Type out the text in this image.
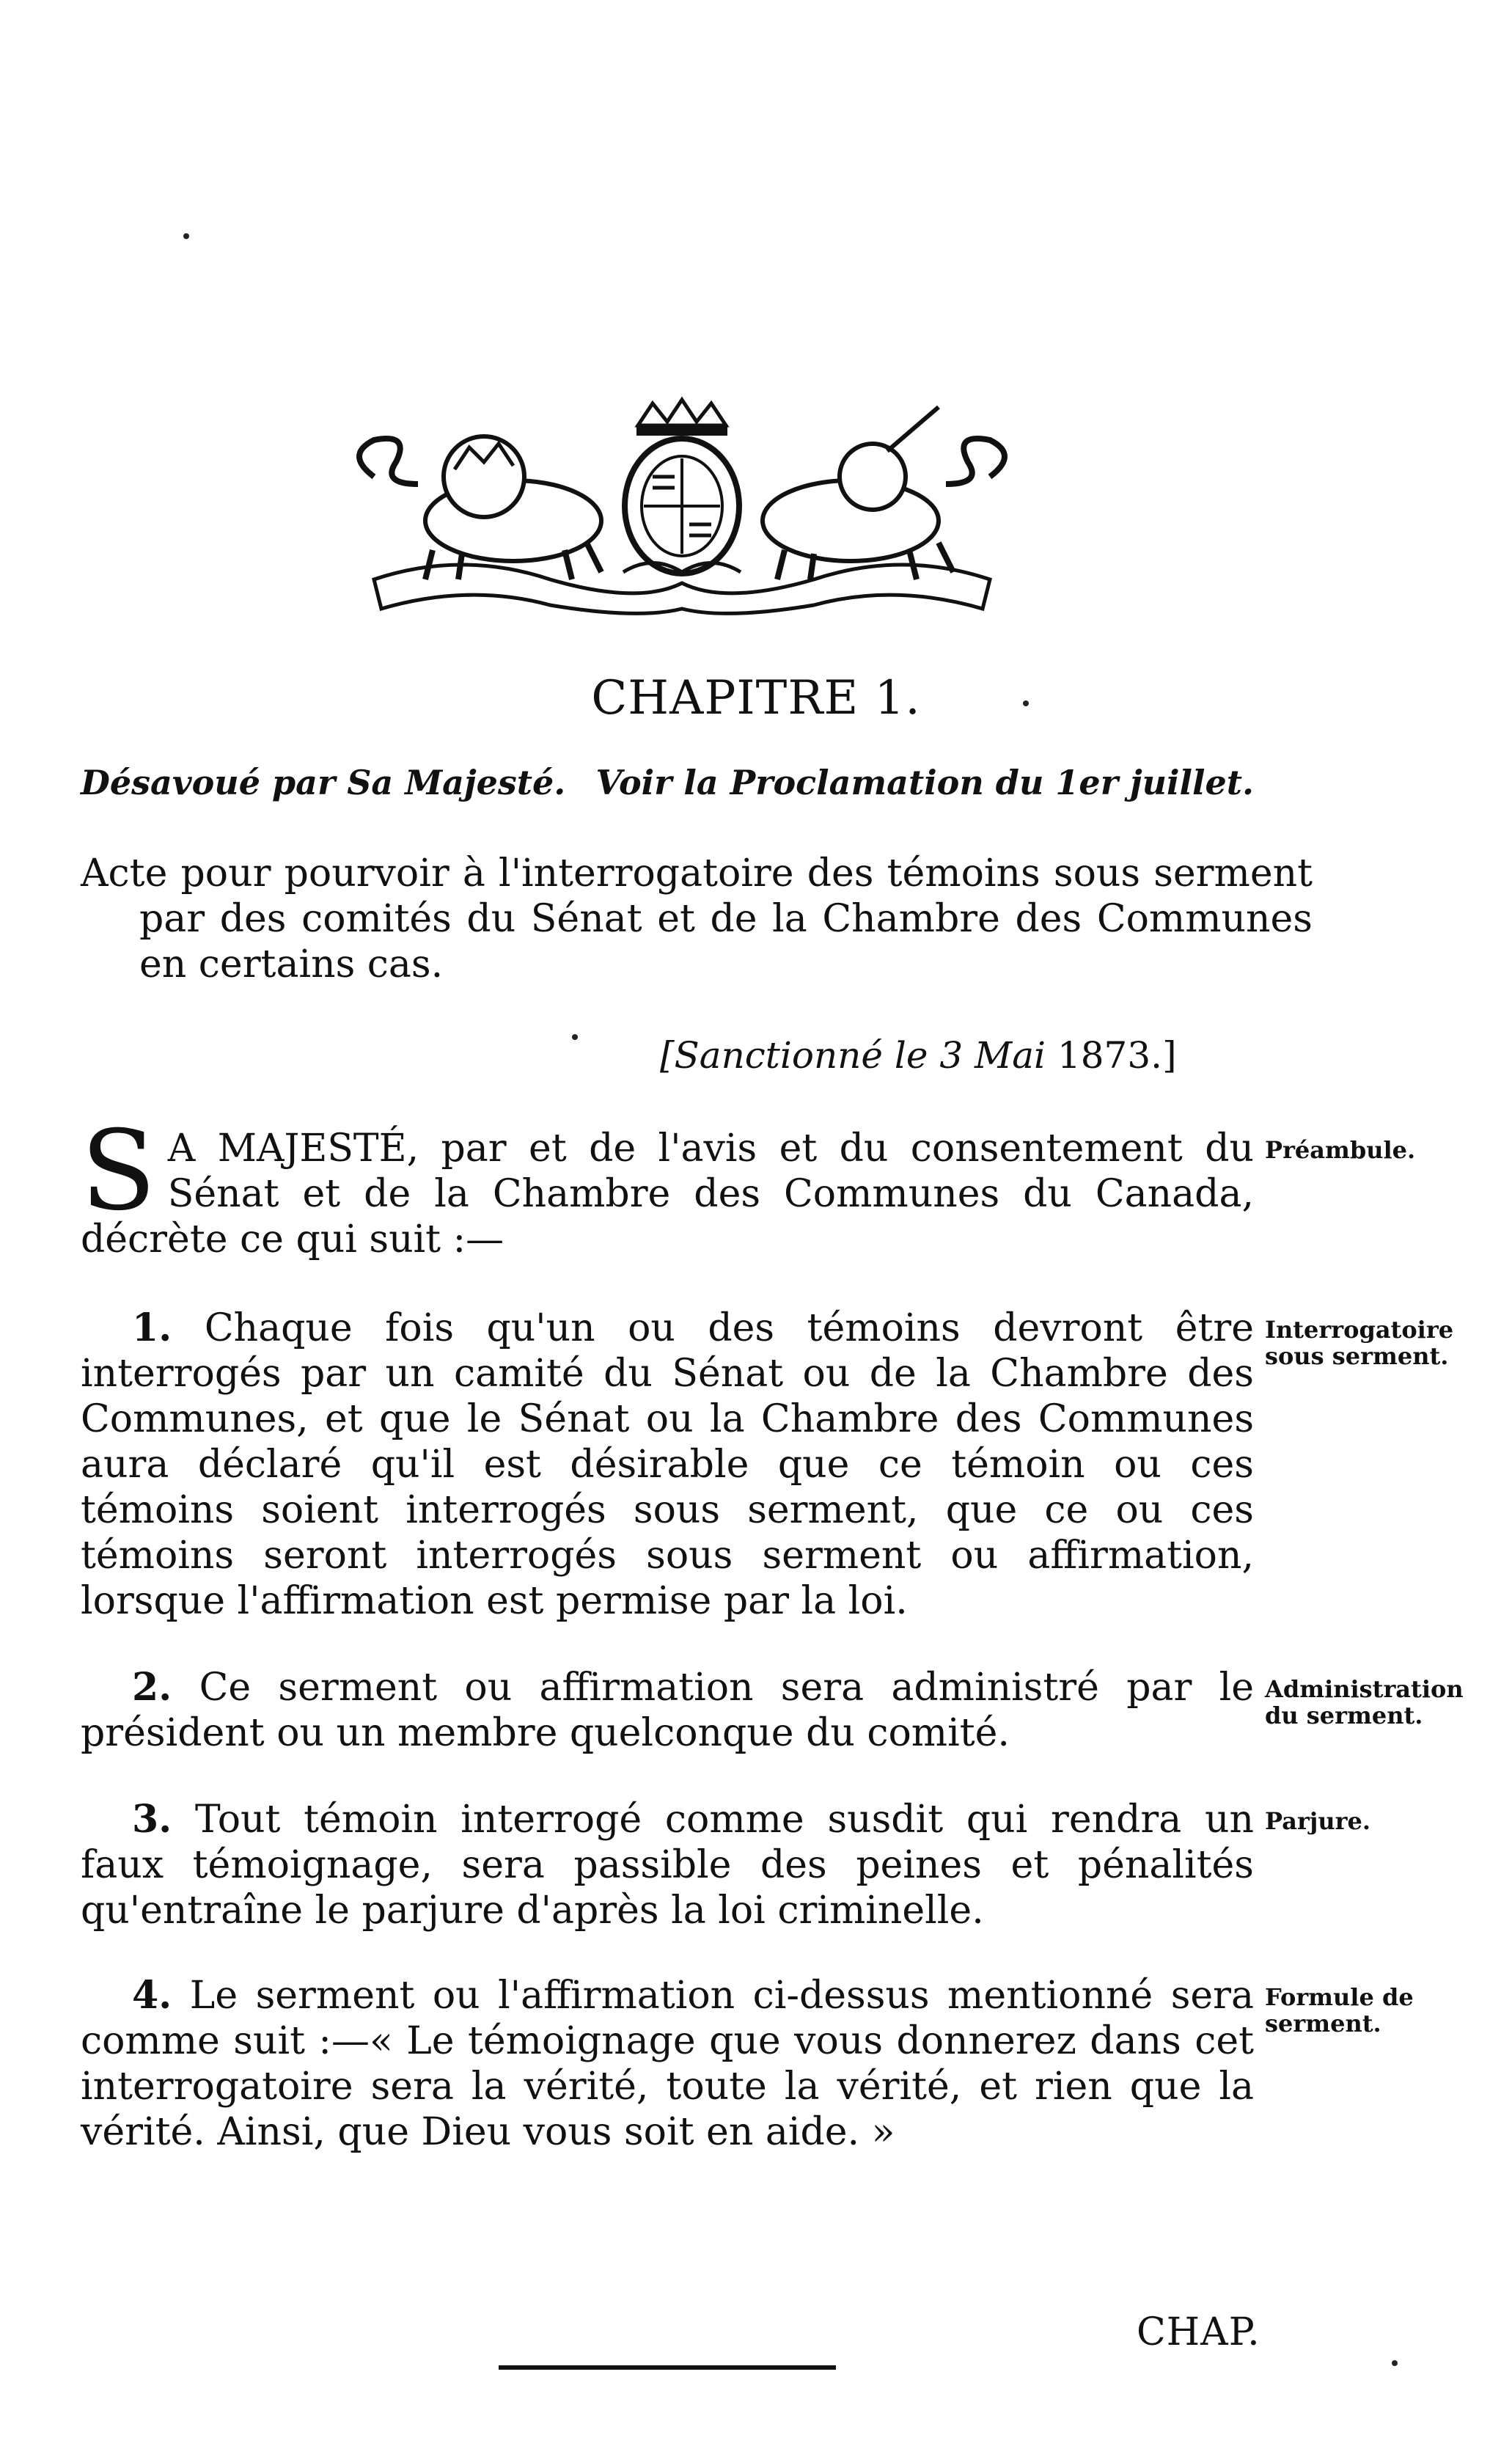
CHAPITRE 1.
Désavoué par Sa Majesté. Voir la Proclamation du 1er juillet.
Acte pour pourvoir à l'interrogatoire des témoins sous serment par des comités du Sénat et de la Chambre des Communes en certains cas.
[Sanctionné le 3 Mai 1873.]
S A MAJESTÉ, par et de l'avis et du consentement du Sénat et de la Chambre des Communes du Canada, décrète ce qui suit :—
Préambule.
1. Chaque fois qu'un ou des témoins devront être interrogés par un camité du Sénat ou de la Chambre des Communes, et que le Sénat ou la Chambre des Communes aura déclaré qu'il est désirable que ce témoin ou ces témoins soient interrogés sous serment, que ce ou ces témoins seront interrogés sous serment ou affirmation, lorsque l'affirmation est permise par la loi.
Interrogatoire sous serment.
2. Ce serment ou affirmation sera administré par le président ou un membre quelconque du comité.
Administration du serment.
3. Tout témoin interrogé comme susdit qui rendra un faux témoignage, sera passible des peines et pénalités qu'entraîne le parjure d'après la loi criminelle.
Parjure.
4. Le serment ou l'affirmation ci-dessus mentionné sera comme suit :—« Le témoignage que vous donnerez dans cet interrogatoire sera la vérité, toute la vérité, et rien que la vérité. Ainsi, que Dieu vous soit en aide. »
Formule de serment.
CHAP.
